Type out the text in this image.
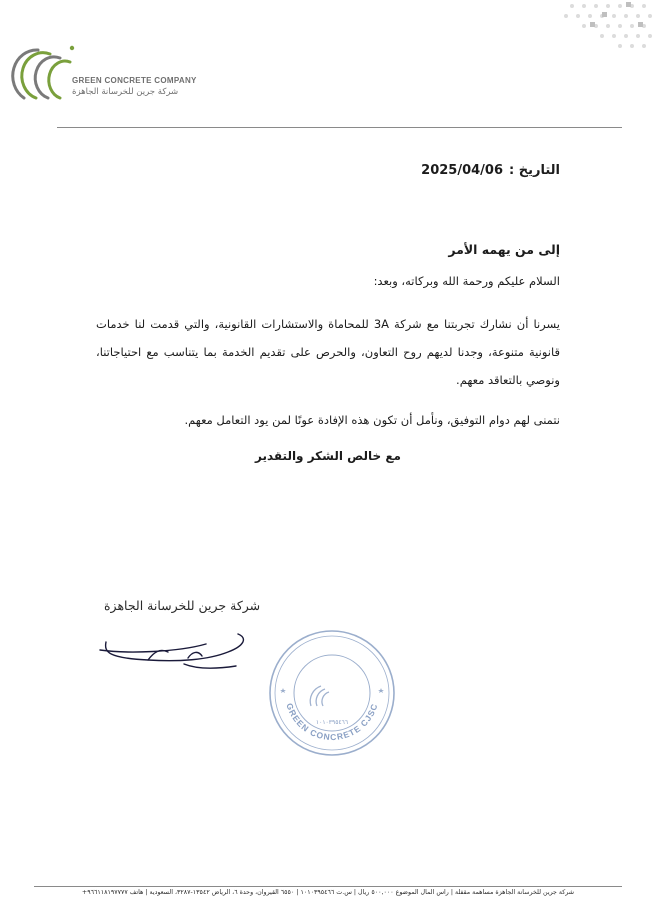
GREEN CONCRETE COMPANY
شركة جرين للخرسانة الجاهزة
التاريخ :2025/04/06
إلى من يهمه الأمر
السلام عليكم ورحمة الله وبركاته، وبعد:
يسرنا أن نشارك تجربتنا مع شركة 3A للمحاماة والاستشارات القانونية، والتي قدمت لنا خدمات قانونية متنوعة، وجدنا لديهم روح التعاون، والحرص على تقديم الخدمة بما يتناسب مع احتياجاتنا، ونوصي بالتعاقد معهم.
نتمنى لهم دوام التوفيق، ونأمل أن تكون هذه الإفادة عونًا لمن يود التعامل معهم.
مع خالص الشكر والتقدير
شركة جرين للخرسانة الجاهزة
GREEN CONCRETE CJSC
١٠١٠٣٩٥٤٦٦
شركة جرين للخرسانة الجاهزة مساهمة مقفلة| رأس المال الموضوع ٥٠٠,٠٠٠ ريال| س.ت ١٠١٠٣٩٥٤٦٦| ٦٥٥٠ القيروان، وحدة ٦، الرياض ١٣٥٤٢-٣٢٨٧، السعودية| هاتف ٩٦٦١١٨١٩٧٧٧٧+
